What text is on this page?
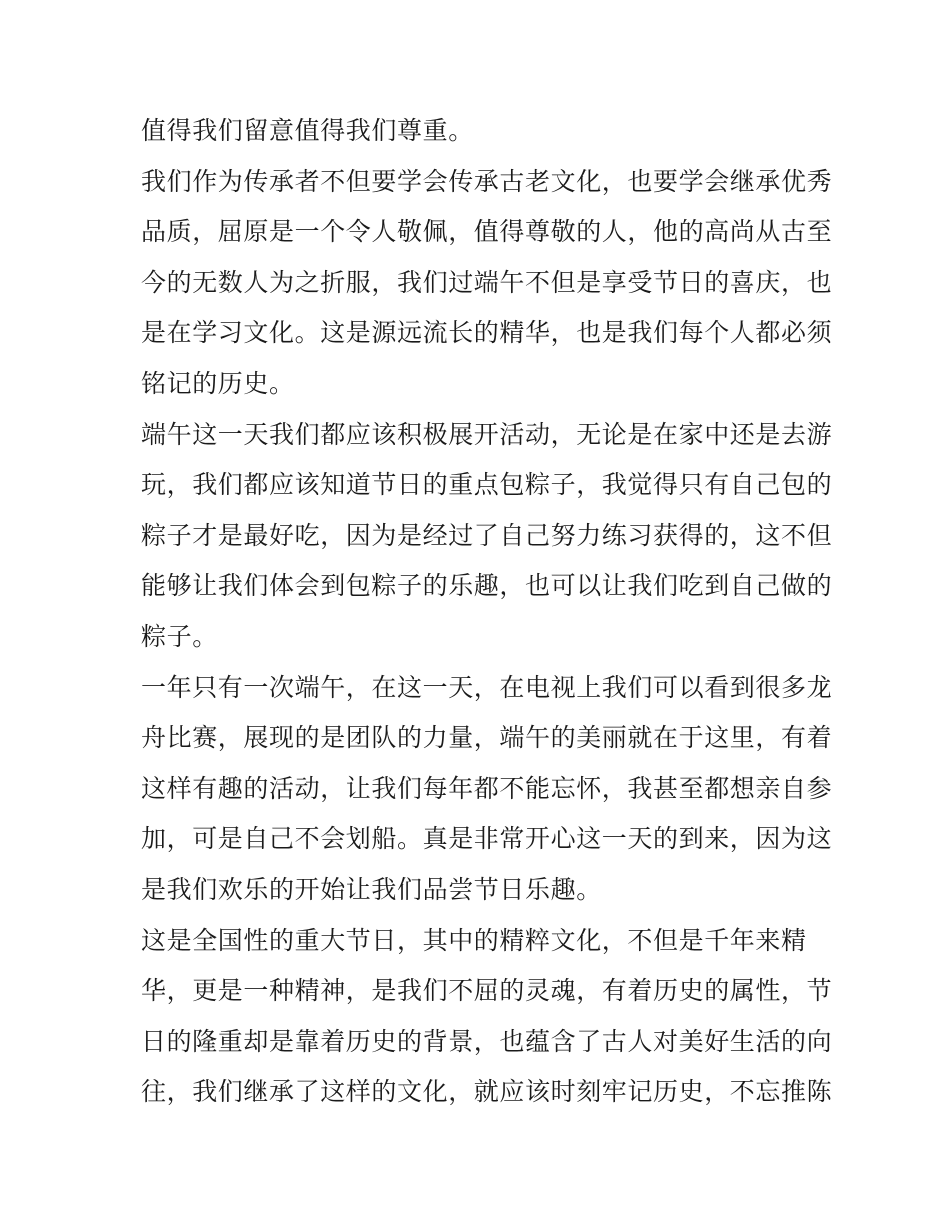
值得我们留意值得我们尊重。
我们作为传承者不但要学会传承古老文化，也要学会继承优秀
品质，屈原是一个令人敬佩，值得尊敬的人，他的高尚从古至
今的无数人为之折服，我们过端午不但是享受节日的喜庆，也
是在学习文化。这是源远流长的精华，也是我们每个人都必须
铭记的历史。
端午这一天我们都应该积极展开活动，无论是在家中还是去游
玩，我们都应该知道节日的重点包粽子，我觉得只有自己包的
粽子才是最好吃，因为是经过了自己努力练习获得的，这不但
能够让我们体会到包粽子的乐趣，也可以让我们吃到自己做的
粽子。
一年只有一次端午，在这一天，在电视上我们可以看到很多龙
舟比赛，展现的是团队的力量，端午的美丽就在于这里，有着
这样有趣的活动，让我们每年都不能忘怀，我甚至都想亲自参
加，可是自己不会划船。真是非常开心这一天的到来，因为这
是我们欢乐的开始让我们品尝节日乐趣。
这是全国性的重大节日，其中的精粹文化，不但是千年来精
华，更是一种精神，是我们不屈的灵魂，有着历史的属性，节
日的隆重却是靠着历史的背景，也蕴含了古人对美好生活的向
往，我们继承了这样的文化，就应该时刻牢记历史，不忘推陈
